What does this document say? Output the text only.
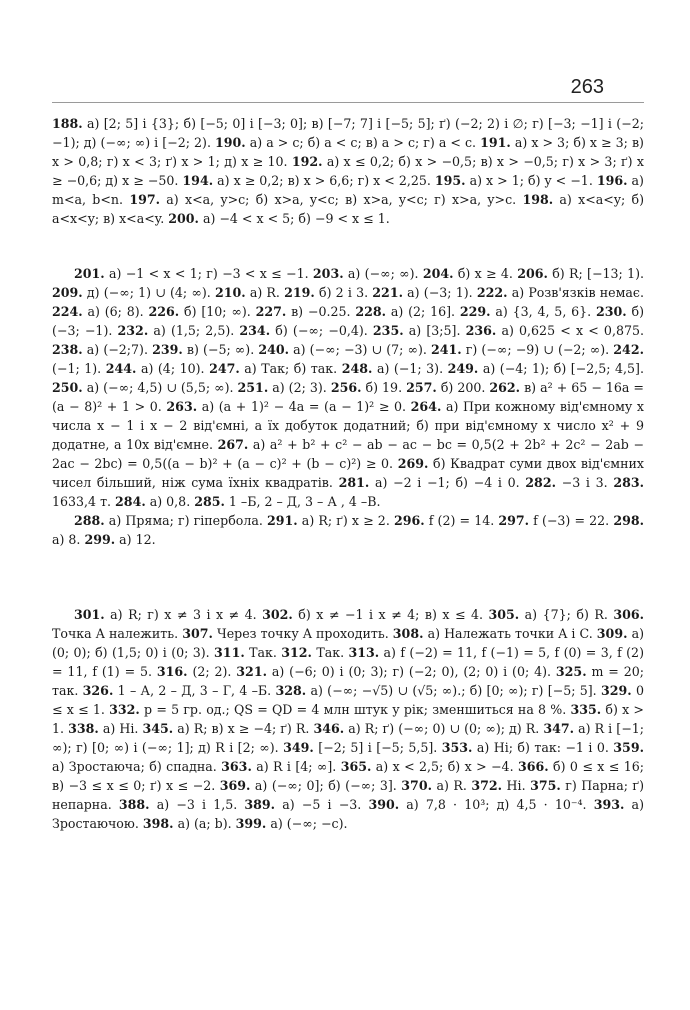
263

188. а) [2; 5] і {3}; б) [−5; 0] і [−3; 0]; в) [−7; 7] і [−5; 5]; ґ) (−2; 2) і ∅; г) [−3; −1] і (−2; −1); д) (−∞; ∞) і [−2; 2). 190. а) a > c; б) a < c; в) a > c; г) a < c. 191. а) x > 3; б) x ≥ 3; в) x > 0,8; г) x < 3; ґ) x > 1; д) x ≥ 10. 192. а) x ≤ 0,2; б) x > −0,5; в) x > −0,5; г) x > 3; ґ) x ≥ −0,6; д) x ≥ −50. 194. а) x ≥ 0,2; в) x > 6,6; г) x < 2,25. 195. а) x > 1; б) y < −1. 196. а) m<a, b<n. 197. а) x<a, y>c; б) x>a, y<c; в) x>a, y<c; г) x>a, y>c. 198. а) x<a<y; б) a<x<y; в) x<a<y. 200. а) −4 < x < 5; б) −9 < x ≤ 1.

201. а) −1 < x < 1; г) −3 < x ≤ −1. 203. а) (−∞; ∞). 204. б) x ≥ 4. 206. б) R; [−13; 1). 209. д) (−∞; 1) ∪ (4; ∞). 210. а) R. 219. б) 2 і 3. 221. а) (−3; 1). 222. а) Розв'язків немає. 224. а) (6; 8). 226. б) [10; ∞). 227. в) −0.25. 228. а) (2; 16]. 229. а) {3, 4, 5, 6}. 230. б) (−3; −1). 232. а) (1,5; 2,5). 234. б) (−∞; −0,4). 235. а) [3;5]. 236. а) 0,625 < x < 0,875. 238. а) (−2;7). 239. в) (−5; ∞). 240. а) (−∞; −3) ∪ (7; ∞). 241. г) (−∞; −9) ∪ (−2; ∞). 242. (−1; 1). 244. а) (4; 10). 247. а) Так; б) так. 248. а) (−1; 3). 249. а) (−4; 1); б) [−2,5; 4,5]. 250. а) (−∞; 4,5) ∪ (5,5; ∞). 251. а) (2; 3). 256. б) 19. 257. б) 200. 262. в) a² + 65 − 16a = (a − 8)² + 1 > 0. 263. а) (a + 1)² − 4a = (a − 1)² ≥ 0. 264. а) При кожному від'ємному x числа x − 1 і x − 2 від'ємні, а їх добуток додатний; б) при від'ємному x число x² + 9 додатне, а 10x від'ємне. 267. а) a² + b² + c² − ab − ac − bc = 0,5(2 + 2b² + 2c² − 2ab − 2ac − 2bc) = 0,5((a − b)² + (a − c)² + (b − c)²) ≥ 0. 269. б) Квадрат суми двох від'ємних чисел більший, ніж сума їхніх квадратів. 281. а) −2 і −1; б) −4 і 0. 282. −3 і 3. 283. 1633,4 т. 284. а) 0,8. 285. 1 –Б, 2 – Д, 3 – А , 4 –В.

288. а) Пряма; г) гіпербола. 291. а) R; ґ) x ≥ 2. 296. f (2) = 14. 297. f (−3) = 22. 298. а) 8. 299. а) 12.

301. а) R; г) x ≠ 3 і x ≠ 4. 302. б) x ≠ −1 і x ≠ 4; в) x ≤ 4. 305. а) {7}; б) R. 306. Точка A належить. 307. Через точку A проходить. 308. а) Належать точки A і C. 309. а) (0; 0); б) (1,5; 0) і (0; 3). 311. Так. 312. Так. 313. а) f (−2) = 11, f (−1) = 5, f (0) = 3, f (2) = 11, f (1) = 5. 316. (2; 2). 321. а) (−6; 0) і (0; 3); г) (−2; 0), (2; 0) і (0; 4). 325. m = 20; так. 326. 1 – А, 2 – Д, 3 – Г, 4 –Б. 328. а) (−∞; −√5) ∪ (√5; ∞).; б) [0; ∞); г) [−5; 5]. 329. 0 ≤ x ≤ 1. 332. p = 5 гр. од.; QS = QD = 4 млн штук у рік; зменшиться на 8 %. 335. б) x > 1. 338. а) Ні. 345. а) R; в) x ≥ −4; ґ) R. 346. а) R; ґ) (−∞; 0) ∪ (0; ∞); д) R. 347. а) R і [−1; ∞); г) [0; ∞) і (−∞; 1]; д) R і [2; ∞). 349. [−2; 5] і [−5; 5,5]. 353. а) Ні; б) так: −1 і 0. 359. а) Зростаюча; б) спадна. 363. а) R і [4; ∞]. 365. а) x < 2,5; б) x > −4. 366. б) 0 ≤ x ≤ 16; в) −3 ≤ x ≤ 0; ґ) x ≤ −2. 369. а) (−∞; 0]; б) (−∞; 3]. 370. а) R. 372. Ні. 375. г) Парна; ґ) непарна. 388. а) −3 і 1,5. 389. а) −5 і −3. 390. а) 7,8 · 10³; д) 4,5 · 10⁻⁴. 393. а) Зростаючою. 398. а) (a; b). 399. а) (−∞; −c).
